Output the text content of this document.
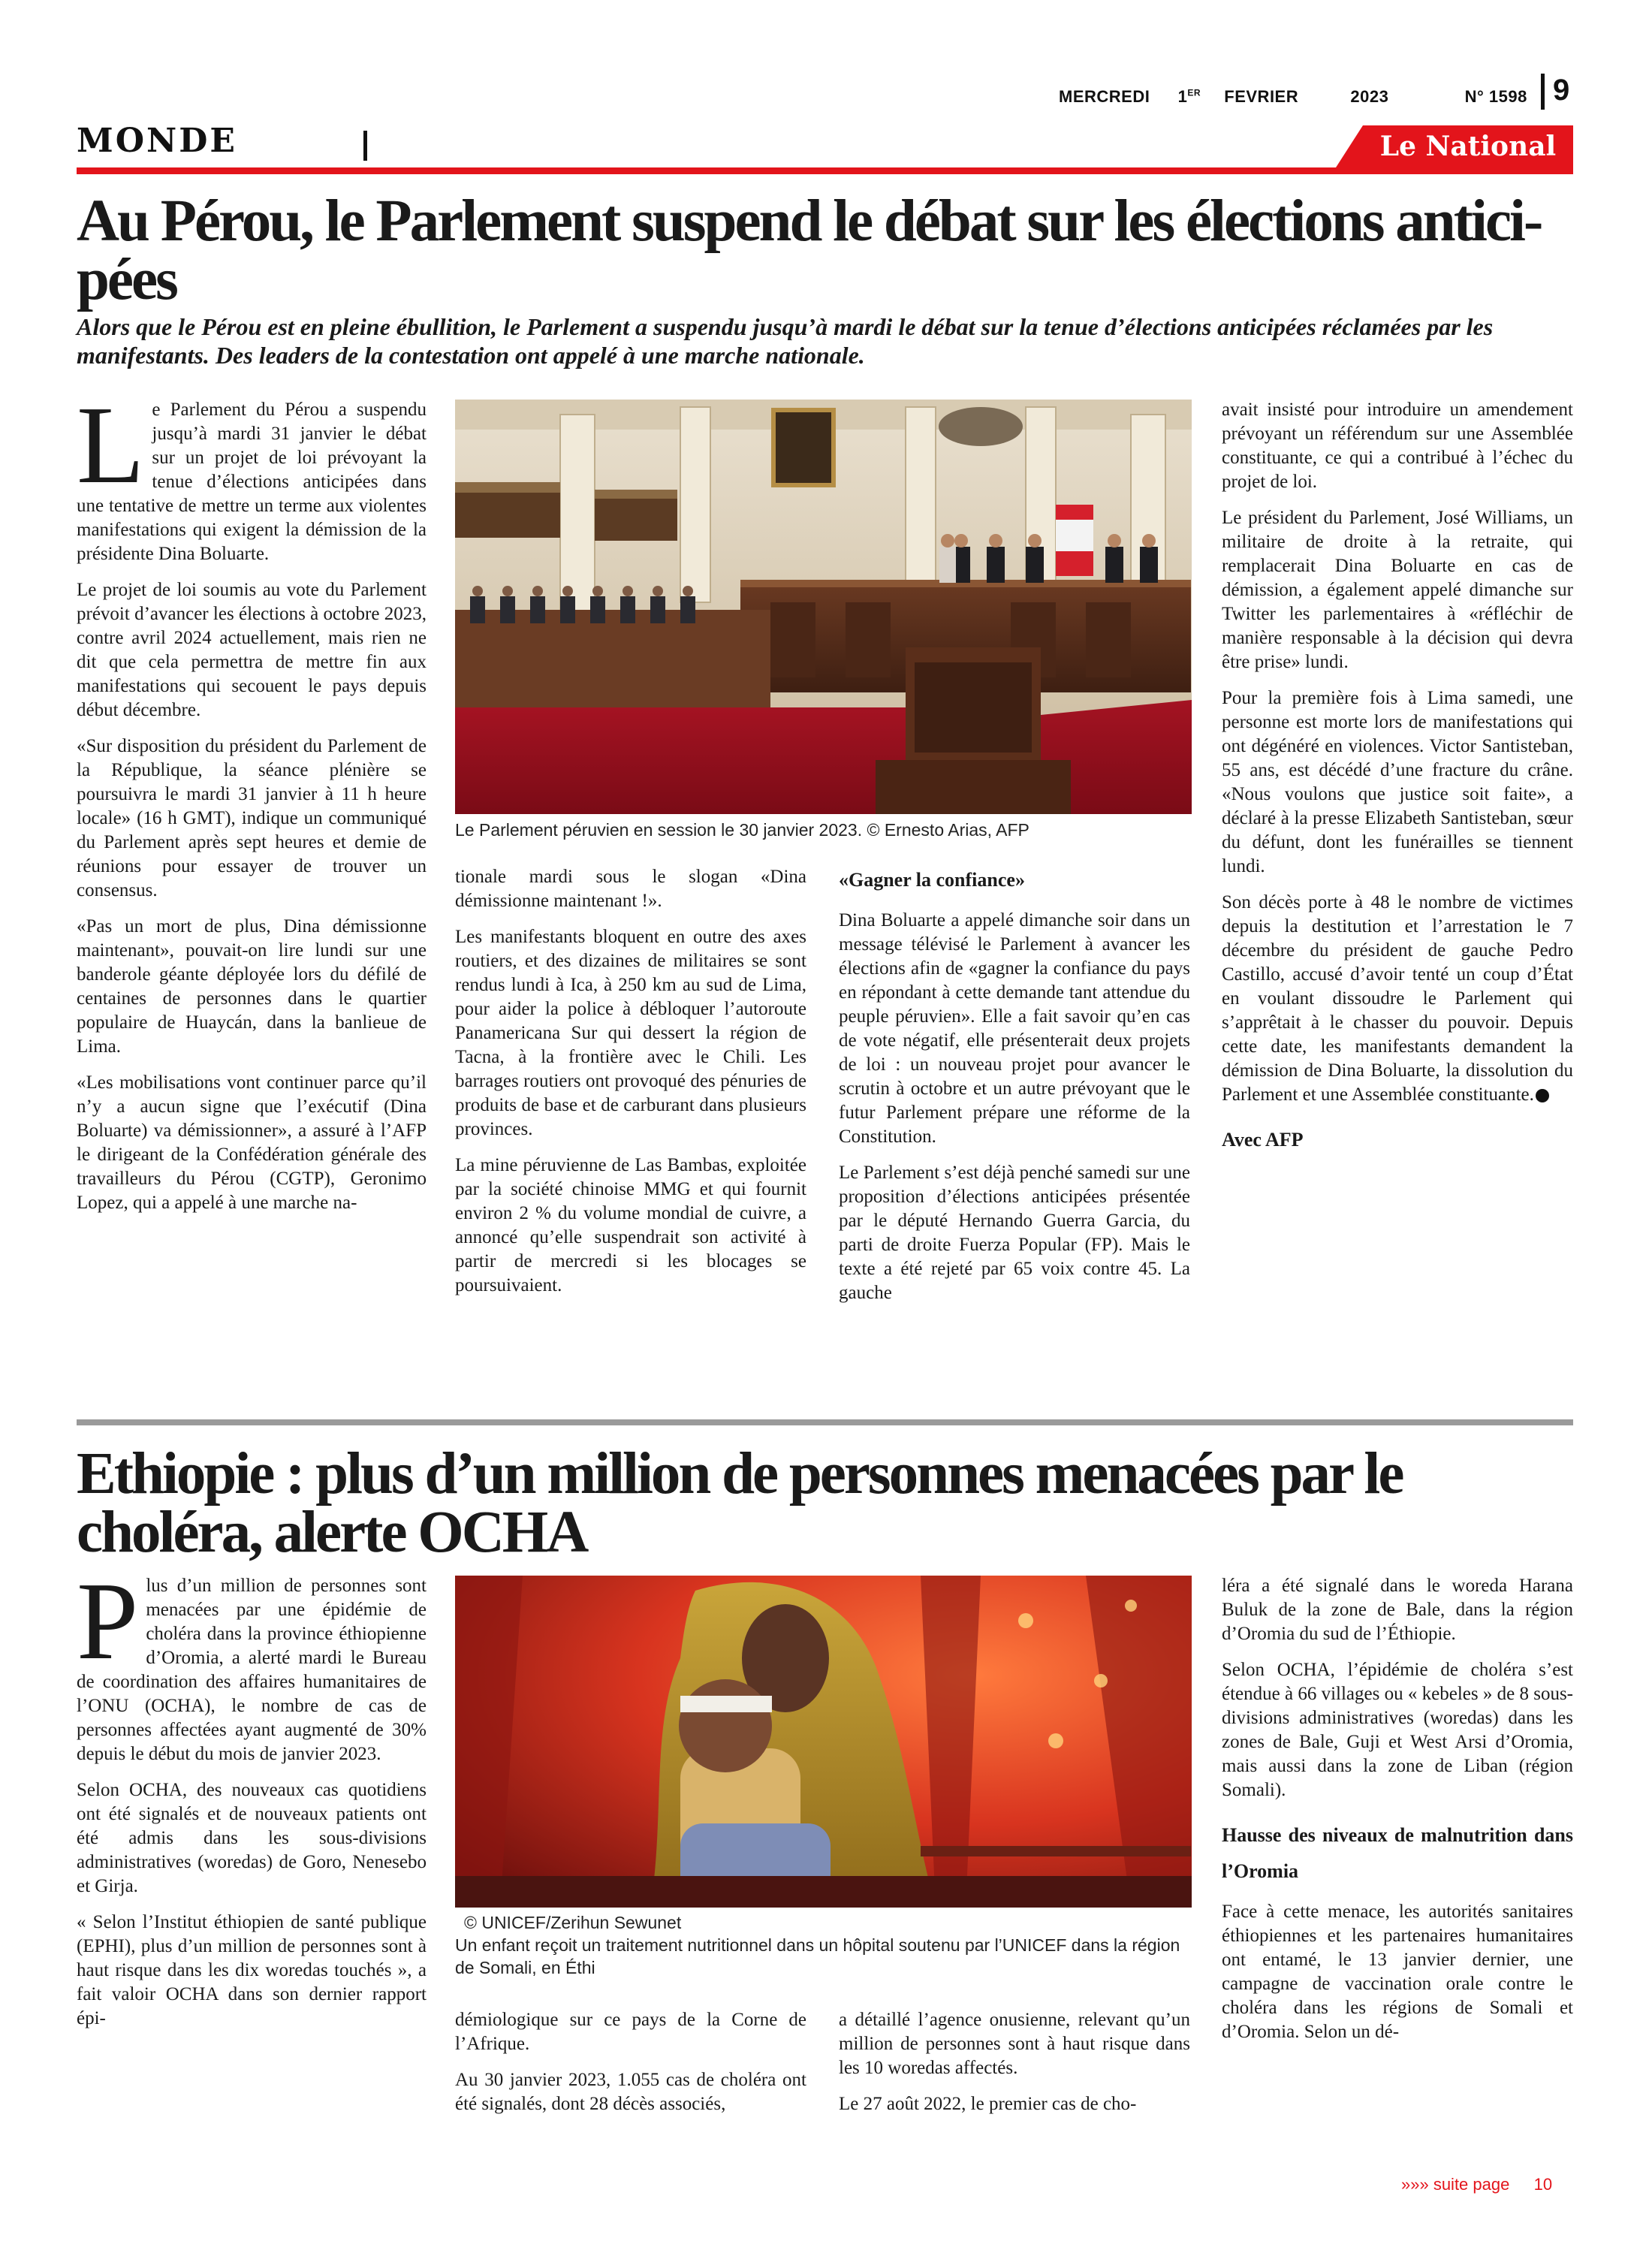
MERCREDI 1ER FEVRIER	2023	N° 1598 9
MONDE	Le National
Au Pérou, le Parlement suspend le débat sur les élections antici-pées

Alors que le Pérou est en pleine ébullition, le Parlement a suspendu jusqu’à mardi le débat sur la tenue d’élections anticipées réclamées par les manifestants. Des leaders de la contestation ont appelé à une marche nationale.

Le Parlement du Pérou a suspendu jusqu’à mardi 31 janvier le débat sur un projet de loi prévoyant la tenue d’élections anticipées dans une tentative de mettre un terme aux violentes manifestations qui exigent la démission de la présidente Dina Boluarte.

Le projet de loi soumis au vote du Parlement prévoit d’avancer les élections à octobre 2023, contre avril 2024 actuellement, mais rien ne dit que cela permettra de mettre fin aux manifestations qui secouent le pays depuis début décembre.

«Sur disposition du président du Parlement de la République, la séance plénière se poursuivra le mardi 31 janvier à 11 h heure locale» (16 h GMT), indique un communiqué du Parlement après sept heures et demie de réunions pour essayer de trouver un consensus.

«Pas un mort de plus, Dina démissionne maintenant», pouvait-on lire lundi sur une banderole géante déployée lors du défilé de centaines de personnes dans le quartier populaire de Huaycán, dans la banlieue de Lima.

«Les mobilisations vont continuer parce qu’il n’y a aucun signe que l’exécutif (Dina Boluarte) va démissionner», a assuré à l’AFP le dirigeant de la Confédération générale des travailleurs du Pérou (CGTP), Geronimo Lopez, qui a appelé à une marche na-

Le Parlement péruvien en session le 30 janvier 2023. © Ernesto Arias, AFP

tionale mardi sous le slogan «Dina démissionne maintenant !».

Les manifestants bloquent en outre des axes routiers, et des dizaines de militaires se sont rendus lundi à Ica, à 250 km au sud de Lima, pour aider la police à débloquer l’autoroute Panamericana Sur qui dessert la région de Tacna, à la frontière avec le Chili. Les barrages routiers ont provoqué des pénuries de produits de base et de carburant dans plusieurs provinces.

La mine péruvienne de Las Bambas, exploitée par la société chinoise MMG et qui fournit environ 2 % du volume mondial de cuivre, a annoncé qu’elle suspendrait son activité à partir de mercredi si les blocages se poursuivaient.

«Gagner la confiance»

Dina Boluarte a appelé dimanche soir dans un message télévisé le Parlement à avancer les élections afin de «gagner la confiance du pays en répondant à cette demande tant attendue du peuple péruvien». Elle a fait savoir qu’en cas de vote négatif, elle présenterait deux projets de loi : un nouveau projet pour avancer le scrutin à octobre et un autre prévoyant que le futur Parlement prépare une réforme de la Constitution.

Le Parlement s’est déjà penché samedi sur une proposition d’élections anticipées présentée par le député Hernando Guerra Garcia, du parti de droite Fuerza Popular (FP). Mais le texte a été rejeté par 65 voix contre 45. La gauche

avait insisté pour introduire un amendement prévoyant un référendum sur une Assemblée constituante, ce qui a contribué à l’échec du projet de loi.

Le président du Parlement, José Williams, un militaire de droite à la retraite, qui remplacerait Dina Boluarte en cas de démission, a également appelé dimanche sur Twitter les parlementaires à «réfléchir de manière responsable à la décision qui devra être prise» lundi.

Pour la première fois à Lima samedi, une personne est morte lors de manifestations qui ont dégénéré en violences. Victor Santisteban, 55 ans, est décédé d’une fracture du crâne. «Nous voulons que justice soit faite», a déclaré à la presse Elizabeth Santisteban, sœur du défunt, dont les funérailles se tiennent lundi.

Son décès porte à 48 le nombre de victimes depuis la destitution et l’arrestation le 7 décembre du président de gauche Pedro Castillo, accusé d’avoir tenté un coup d’État en voulant dissoudre le Parlement qui s’apprêtait à le chasser du pouvoir. Depuis cette date, les manifestants demandent la démission de Dina Boluarte, la dissolution du Parlement et une Assemblée constituante.

Avec AFP
Ethiopie : plus d’un million de personnes menacées par le choléra, alerte OCHA

Plus d’un million de personnes sont menacées par une épidémie de choléra dans la province éthiopienne d’Oromia, a alerté mardi le Bureau de coordination des affaires humanitaires de l’ONU (OCHA), le nombre de cas de personnes affectées ayant augmenté de 30% depuis le début du mois de janvier 2023.

Selon OCHA, des nouveaux cas quotidiens ont été signalés et de nouveaux patients ont été admis dans les sous-divisions administratives (woredas) de Goro, Nenesebo et Girja.

« Selon l’Institut éthiopien de santé publique (EPHI), plus d’un million de personnes sont à haut risque dans les dix woredas touchés », a fait valoir OCHA dans son dernier rapport épi-

© UNICEF/Zerihun Sewunet
Un enfant reçoit un traitement nutritionnel dans un hôpital soutenu par l’UNICEF dans la région de Somali, en Éthi

démiologique sur ce pays de la Corne de l’Afrique.

Au 30 janvier 2023, 1.055 cas de choléra ont été signalés, dont 28 décès associés,

a détaillé l’agence onusienne, relevant qu’un million de personnes sont à haut risque dans les 10 woredas affectés.

Le 27 août 2022, le premier cas de cho-

léra a été signalé dans le woreda Harana Buluk de la zone de Bale, dans la région d’Oromia du sud de l’Éthiopie.

Selon OCHA, l’épidémie de choléra s’est étendue à 66 villages ou « kebeles » de 8 sous-divisions administratives (woredas) dans les zones de Bale, Guji et West Arsi d’Oromia, mais aussi dans la zone de Liban (région Somali).

Hausse des niveaux de malnutrition dans l’Oromia

Face à cette menace, les autorités sanitaires éthiopiennes et les partenaires humanitaires ont entamé, le 13 janvier dernier, une campagne de vaccination orale contre le choléra dans les régions de Somali et d’Oromia. Selon un dé-

»»» suite page 10
